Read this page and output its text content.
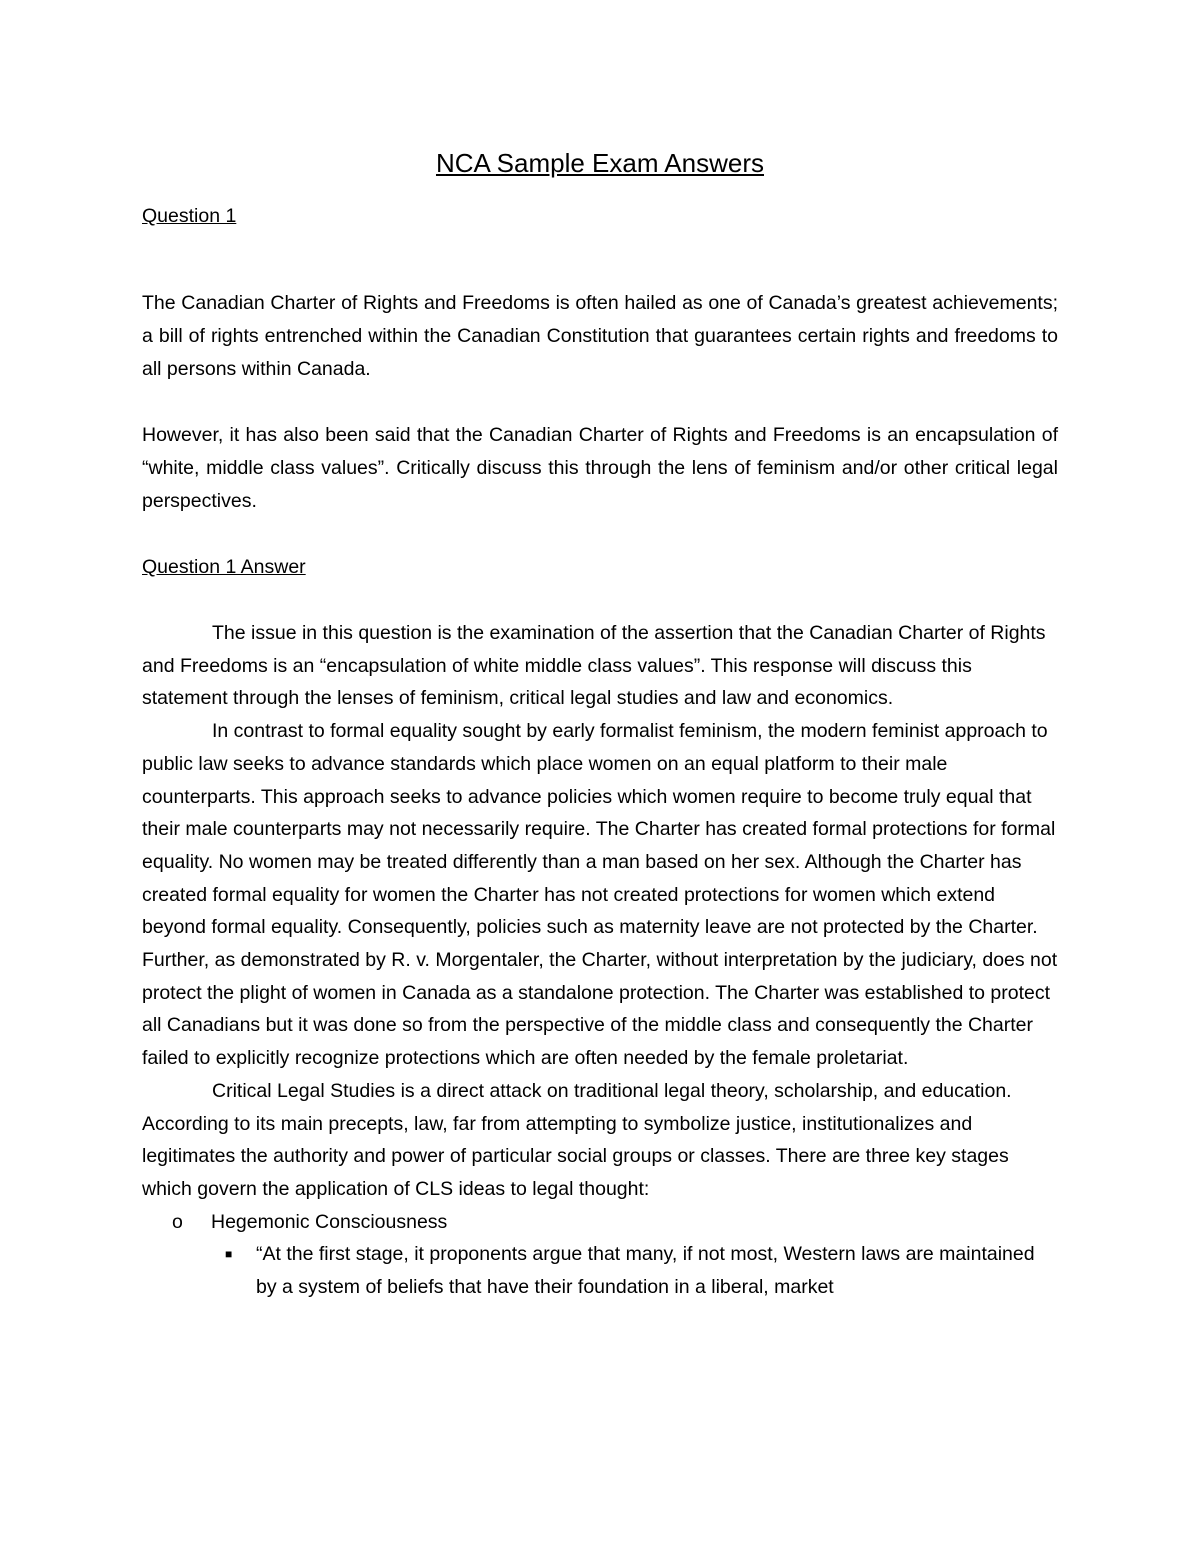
NCA Sample Exam Answers

Question 1

The Canadian Charter of Rights and Freedoms is often hailed as one of Canada’s greatest achievements; a bill of rights entrenched within the Canadian Constitution that guarantees certain rights and freedoms to all persons within Canada.

However, it has also been said that the Canadian Charter of Rights and Freedoms is an encapsulation of “white, middle class values”. Critically discuss this through the lens of feminism and/or other critical legal perspectives.

Question 1 Answer

The issue in this question is the examination of the assertion that the Canadian Charter of Rights and Freedoms is an “encapsulation of white middle class values”. This response will discuss this statement through the lenses of feminism, critical legal studies and law and economics.

In contrast to formal equality sought by early formalist feminism, the modern feminist approach to public law seeks to advance standards which place women on an equal platform to their male counterparts. This approach seeks to advance policies which women require to become truly equal that their male counterparts may not necessarily require. The Charter has created formal protections for formal equality. No women may be treated differently than a man based on her sex. Although the Charter has created formal equality for women the Charter has not created protections for women which extend beyond formal equality. Consequently, policies such as maternity leave are not protected by the Charter. Further, as demonstrated by R. v. Morgentaler, the Charter, without interpretation by the judiciary, does not protect the plight of women in Canada as a standalone protection. The Charter was established to protect all Canadians but it was done so from the perspective of the middle class and consequently the Charter failed to explicitly recognize protections which are often needed by the female proletariat.

Critical Legal Studies is a direct attack on traditional legal theory, scholarship, and education. According to its main precepts, law, far from attempting to symbolize justice, institutionalizes and legitimates the authority and power of particular social groups or classes. There are three key stages which govern the application of CLS ideas to legal thought:

o Hegemonic Consciousness
■ “At the first stage, it proponents argue that many, if not most, Western laws are maintained by a system of beliefs that have their foundation in a liberal, market
